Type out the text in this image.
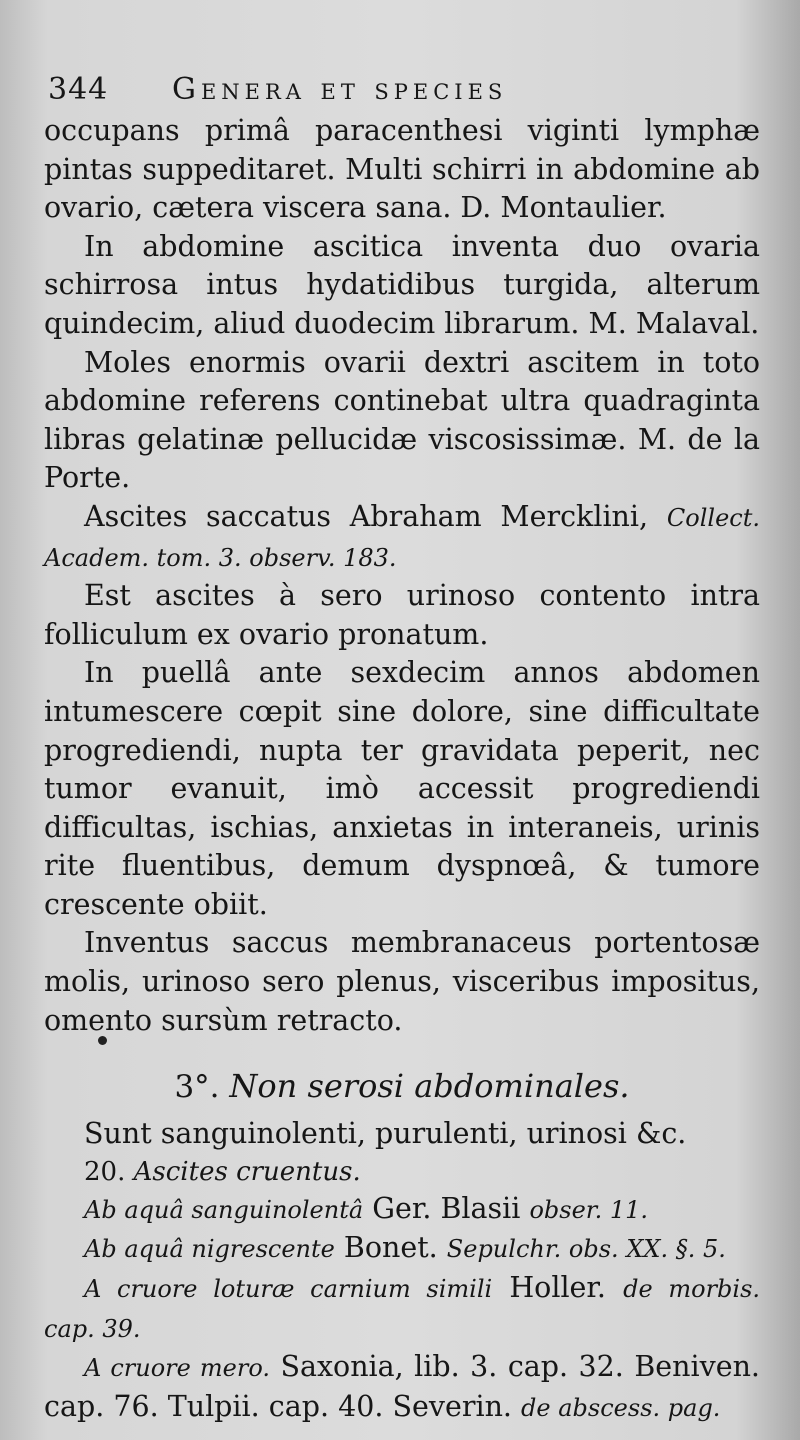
344 Genera et species

occupans primâ paracenthesi viginti lymphæ pintas suppeditaret. Multi schirri in abdomine ab ovario, cætera viscera sana. D. Montaulier.

In abdomine ascitica inventa duo ovaria schirrosa intus hydatidibus turgida, alterum quindecim, aliud duodecim librarum. M. Malaval.

Moles enormis ovarii dextri ascitem in toto abdomine referens continebat ultra quadraginta libras gelatinæ pellucidæ viscosissimæ. M. de la Porte.

Ascites saccatus Abraham Mercklini, Collect. Academ. tom. 3. observ. 183.

Est ascites à sero urinoso contento intra folliculum ex ovario pronatum.

In puellâ ante sexdecim annos abdomen intumescere cœpit sine dolore, sine difficultate progrediendi, nupta ter gravidata peperit, nec tumor evanuit, imò accessit progrediendi difficultas, ischias, anxietas in interaneis, urinis rite fluentibus, demum dyspnœâ, & tumore crescente obiit.

Inventus saccus membranaceus portentosæ molis, urinoso sero plenus, visceribus impositus, omento sursùm retracto.

3°. Non serosi abdominales.

Sunt sanguinolenti, purulenti, urinosi &c.

20. Ascites cruentus.

Ab aquâ sanguinolentâ Ger. Blasii obser. 11.

Ab aquâ nigrescente Bonet. Sepulchr. obs. XX. §. 5.

A cruore loturæ carnium simili Holler. de morbis. cap. 39.

A cruore mero. Saxonia, lib. 3. cap. 32. Beniven. cap. 76. Tulpii. cap. 40. Severin. de abscess. pag.
